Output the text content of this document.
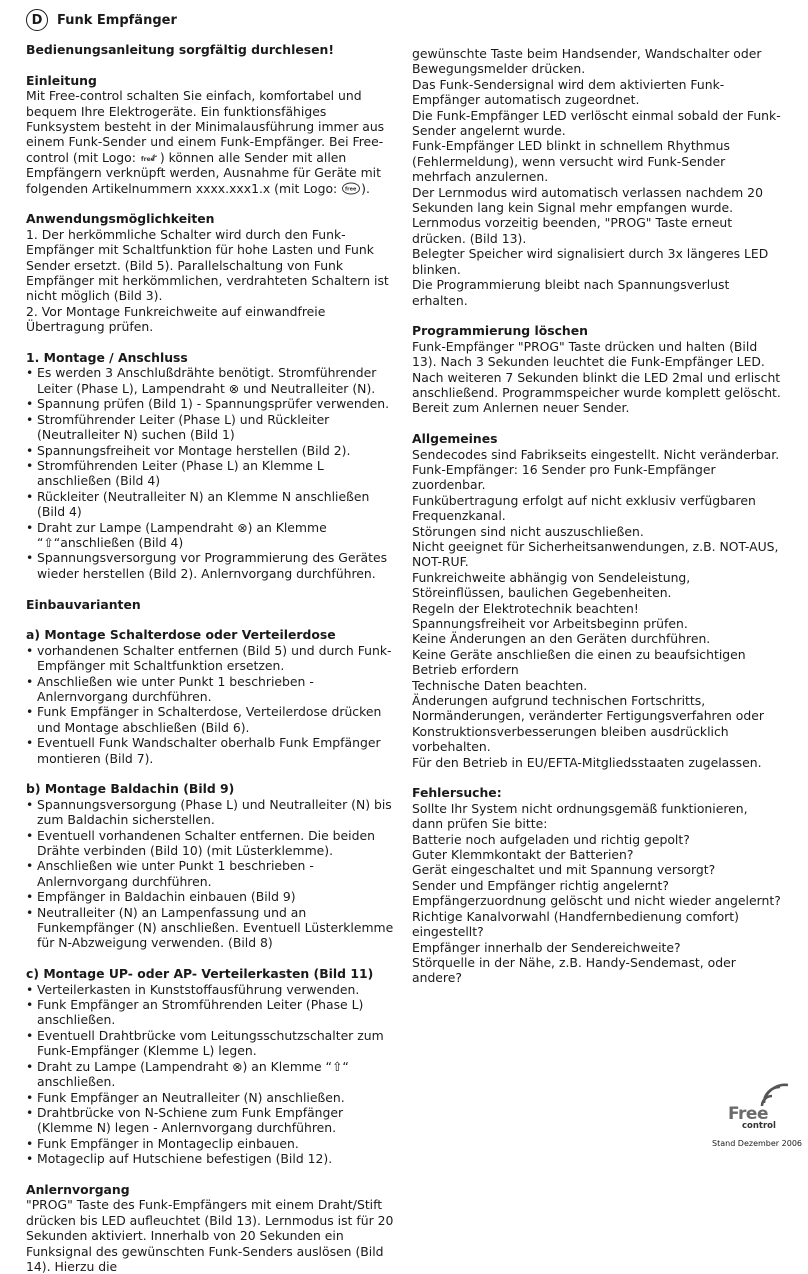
D	Funk Empfänger

Bedienungsanleitung sorgfältig durchlesen!

Einleitung

Mit Free-control schalten Sie einfach, komfortabel und bequem Ihre Elektrogeräte. Ein funktionsfähiges Funksystem besteht in der Minimalausführung immer aus einem Funk-Sender und einem Funk-Empfänger. Bei Free-control (mit Logo: free ) können alle Sender mit allen Empfängern verknüpft werden, Ausnahme für Geräte mit folgenden Artikelnummern xxxx.xxx1.x (mit Logo: free ).

Anwendungsmöglichkeiten

1. Der herkömmliche Schalter wird durch den Funk-Empfänger mit Schaltfunktion für hohe Lasten und Funk Sender ersetzt. (Bild 5). Parallelschaltung von Funk Empfänger mit herkömmlichen, verdrahteten Schaltern ist nicht möglich (Bild 3).

2. Vor Montage Funkreichweite auf einwandfreie Übertragung prüfen.

1. Montage / Anschluss

• Es werden 3 Anschlußdrähte benötigt. Stromführender Leiter (Phase L), Lampendraht ⊗ und Neutralleiter (N).
• Spannung prüfen (Bild 1) - Spannungsprüfer verwenden.
• Stromführender Leiter (Phase L) und Rückleiter (Neutralleiter N) suchen (Bild 1)
• Spannungsfreiheit vor Montage herstellen (Bild 2).
• Stromführenden Leiter (Phase L) an Klemme L anschließen (Bild 4)
• Rückleiter (Neutralleiter N) an Klemme N anschließen (Bild 4)
• Draht zur Lampe (Lampendraht ⊗) an Klemme “⇧“anschließen (Bild 4)
• Spannungsversorgung vor Programmierung des Gerätes wieder herstellen (Bild 2). Anlernvorgang durchführen.

Einbauvarianten

a) Montage Schalterdose oder Verteilerdose

• vorhandenen Schalter entfernen (Bild 5) und durch Funk-Empfänger mit Schaltfunktion ersetzen.
• Anschließen wie unter Punkt 1 beschrieben - Anlernvorgang durchführen.
• Funk Empfänger in Schalterdose, Verteilerdose drücken und Montage abschließen (Bild 6).
• Eventuell Funk Wandschalter oberhalb Funk Empfänger montieren (Bild 7).

b) Montage Baldachin (Bild 9)

• Spannungsversorgung (Phase L) und Neutralleiter (N) bis zum Baldachin sicherstellen.
• Eventuell vorhandenen Schalter entfernen. Die beiden Drähte verbinden (Bild 10) (mit Lüsterklemme).
• Anschließen wie unter Punkt 1 beschrieben - Anlernvorgang durchführen.
• Empfänger in Baldachin einbauen (Bild 9)
• Neutralleiter (N) an Lampenfassung und an Funkempfänger (N) anschließen. Eventuell Lüsterklemme für N-Abzweigung verwenden. (Bild 8)

c) Montage UP- oder AP- Verteilerkasten (Bild 11)

• Verteilerkasten in Kunststoffausführung verwenden.
• Funk Empfänger an Stromführenden Leiter (Phase L) anschließen.
• Eventuell Drahtbrücke vom Leitungsschutzschalter zum Funk-Empfänger (Klemme L) legen.
• Draht zu Lampe (Lampendraht ⊗) an Klemme “⇧“ anschließen.
• Funk Empfänger an Neutralleiter (N) anschließen.
• Drahtbrücke von N-Schiene zum Funk Empfänger (Klemme N) legen - Anlernvorgang durchführen.
• Funk Empfänger in Montageclip einbauen.
• Motageclip auf Hutschiene befestigen (Bild 12).

Anlernvorgang

"PROG" Taste des Funk-Empfängers mit einem Draht/Stift drücken bis LED aufleuchtet (Bild 13). Lernmodus ist für 20 Sekunden aktiviert. Innerhalb von 20 Sekunden ein Funksignal des gewünschten Funk-Senders auslösen (Bild 14). Hierzu die

gewünschte Taste beim Handsender, Wandschalter oder Bewegungsmelder drücken.

Das Funk-Sendersignal wird dem aktivierten Funk-Empfänger automatisch zugeordnet.

Die Funk-Empfänger LED verlöscht einmal sobald der Funk-Sender angelernt wurde.

Funk-Empfänger LED blinkt in schnellem Rhythmus (Fehlermeldung), wenn versucht wird Funk-Sender mehrfach anzulernen.

Der Lernmodus wird automatisch verlassen nachdem 20 Sekunden lang kein Signal mehr empfangen wurde.

Lernmodus vorzeitig beenden, "PROG" Taste erneut drücken. (Bild 13).

Belegter Speicher wird signalisiert durch 3x längeres LED blinken.

Die Programmierung bleibt nach Spannungsverlust erhalten.

Programmierung löschen

Funk-Empfänger "PROG" Taste drücken und halten (Bild 13). Nach 3 Sekunden leuchtet die Funk-Empfänger LED. Nach weiteren 7 Sekunden blinkt die LED 2mal und erlischt anschließend. Programmspeicher wurde komplett gelöscht. Bereit zum Anlernen neuer Sender.

Allgemeines

Sendecodes sind Fabrikseits eingestellt. Nicht veränderbar.

Funk-Empfänger: 16 Sender pro Funk-Empfänger zuordenbar.

Funkübertragung erfolgt auf nicht exklusiv verfügbaren Frequenzkanal.

Störungen sind nicht auszuschließen.

Nicht geeignet für Sicherheitsanwendungen, z.B. NOT-AUS, NOT-RUF.

Funkreichweite abhängig von Sendeleistung, Störeinflüssen, baulichen Gegebenheiten.

Regeln der Elektrotechnik beachten!

Spannungsfreiheit vor Arbeitsbeginn prüfen.

Keine Änderungen an den Geräten durchführen.

Keine Geräte anschließen die einen zu beaufsichtigen Betrieb erfordern

Technische Daten beachten.

Änderungen aufgrund technischen Fortschritts, Normänderungen, veränderter Fertigungsverfahren oder Konstruktionsverbesserungen bleiben ausdrücklich vorbehalten.

Für den Betrieb in EU/EFTA-Mitgliedsstaaten zugelassen.

Fehlersuche:

Sollte Ihr System nicht ordnungsgemäß funktionieren, dann prüfen Sie bitte:

Batterie noch aufgeladen und richtig gepolt?

Guter Klemmkontakt der Batterien?

Gerät eingeschaltet und mit Spannung versorgt?

Sender und Empfänger richtig angelernt?

Empfängerzuordnung gelöscht und nicht wieder angelernt?

Richtige Kanalvorwahl (Handfernbedienung comfort) eingestellt?

Empfänger innerhalb der Sendereichweite?

Störquelle in der Nähe, z.B. Handy-Sendemast, oder andere?

Free
control
Stand Dezember 2006
